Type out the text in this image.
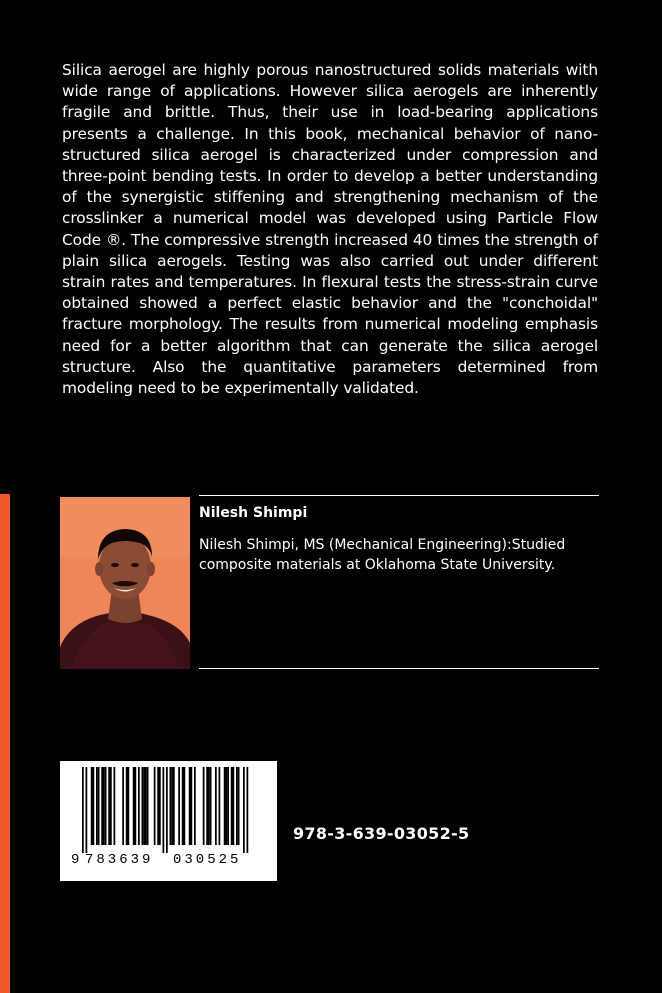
Silica aerogel are highly porous nanostructured solids materials with wide range of applications. However silica aerogels are inherently fragile and brittle. Thus, their use in load-bearing applications presents a challenge. In this book, mechanical behavior of nano-structured silica aerogel is characterized under compression and three-point bending tests. In order to develop a better understanding of the synergistic stiffening and strengthening mechanism of the crosslinker a numerical model was developed using Particle Flow Code ®. The compressive strength increased 40 times the strength of plain silica aerogels. Testing was also carried out under different strain rates and temperatures. In flexural tests the stress-strain curve obtained showed a perfect elastic behavior and the "conchoidal" fracture morphology. The results from numerical modeling emphasis need for a better algorithm that can generate the silica aerogel structure. Also the quantitative parameters determined from modeling need to be experimentally validated.

Nilesh Shimpi

Nilesh Shimpi, MS (Mechanical Engineering):Studied composite materials at Oklahoma State University.

9 783639 030525
978-3-639-03052-5
